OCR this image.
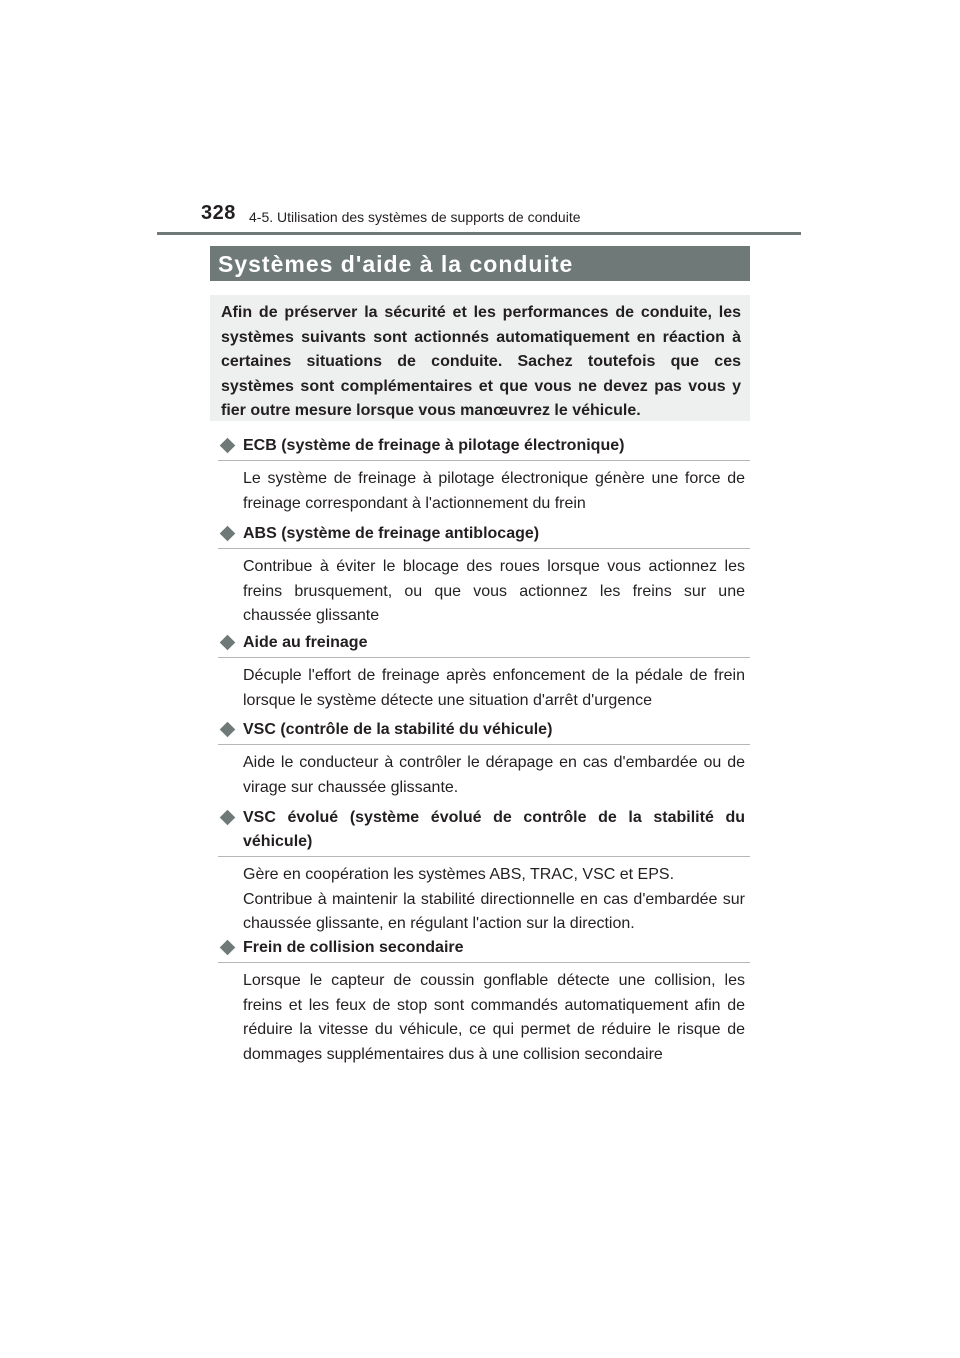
328 4-5. Utilisation des systèmes de supports de conduite
Systèmes d'aide à la conduite

Afin de préserver la sécurité et les performances de conduite, les systèmes suivants sont actionnés automatiquement en réaction à certaines situations de conduite. Sachez toutefois que ces systèmes sont complémentaires et que vous ne devez pas vous y fier outre mesure lorsque vous manœuvrez le véhicule.

ECB (système de freinage à pilotage électronique)

Le système de freinage à pilotage électronique génère une force de freinage correspondant à l'actionnement du frein

ABS (système de freinage antiblocage)

Contribue à éviter le blocage des roues lorsque vous actionnez les freins brusquement, ou que vous actionnez les freins sur une chaussée glissante

Aide au freinage

Décuple l'effort de freinage après enfoncement de la pédale de frein lorsque le système détecte une situation d'arrêt d'urgence

VSC (contrôle de la stabilité du véhicule)

Aide le conducteur à contrôler le dérapage en cas d'embardée ou de virage sur chaussée glissante.

VSC évolué (système évolué de contrôle de la stabilité du véhicule)

Gère en coopération les systèmes ABS, TRAC, VSC et EPS.
Contribue à maintenir la stabilité directionnelle en cas d'embardée sur chaussée glissante, en régulant l'action sur la direction.

Frein de collision secondaire

Lorsque le capteur de coussin gonflable détecte une collision, les freins et les feux de stop sont commandés automatiquement afin de réduire la vitesse du véhicule, ce qui permet de réduire le risque de dommages supplémentaires dus à une collision secondaire
